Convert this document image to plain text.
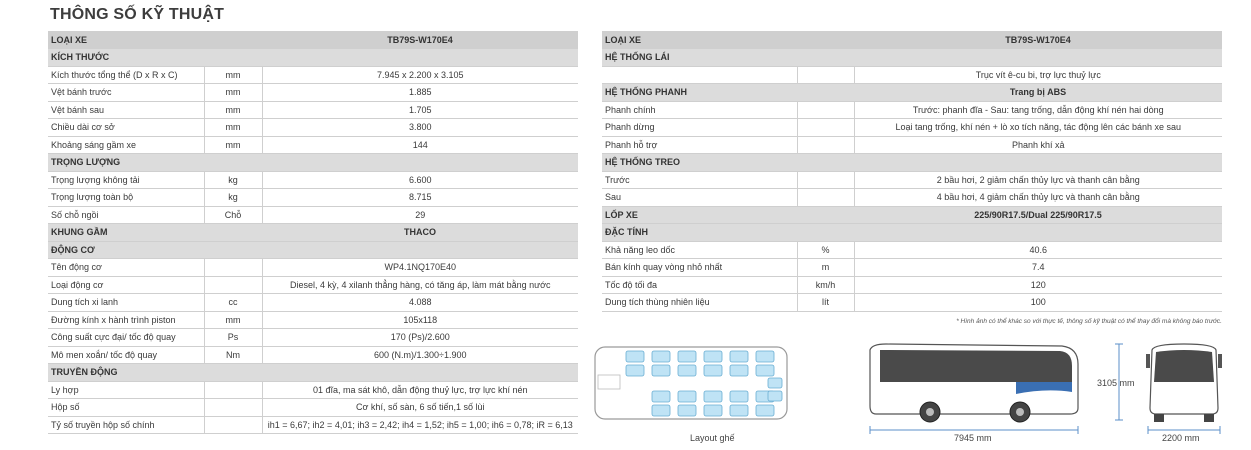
THÔNG SỐ KỸ THUẬT
LOẠI XE		TB79S-W170E4
KÍCH THƯỚC		
Kích thước tổng thể (D x R x C)	mm	7.945 x 2.200 x 3.105
Vệt bánh trước	mm	1.885
Vệt bánh sau	mm	1.705
Chiều dài cơ sở	mm	3.800
Khoảng sáng gầm xe	mm	144
TRỌNG LƯỢNG		
Trọng lượng không tải	kg	6.600
Trọng lượng toàn bộ	kg	8.715
Số chỗ ngồi	Chỗ	29
KHUNG GẦM		THACO
ĐỘNG CƠ		
Tên động cơ		WP4.1NQ170E40
Loại động cơ		Diesel, 4 kỳ, 4 xilanh thẳng hàng, có tăng áp, làm mát bằng nước
Dung tích xi lanh	cc	4.088
Đường kính x hành trình piston	mm	105x118
Công suất cực đại/ tốc độ quay	Ps	170 (Ps)/2.600
Mô men xoắn/ tốc độ quay	Nm	600 (N.m)/1.300÷1.900
TRUYỀN ĐỘNG		
Ly hợp		01 đĩa, ma sát khô, dẫn động thuỷ lực, trợ lực khí nén
Hộp số		Cơ khí, số sàn, 6 số tiến,1 số lùi
Tỷ số truyền hộp số chính		ih1 = 6,67; ih2 = 4,01; ih3 = 2,42; ih4 = 1,52; ih5 = 1,00; ih6 = 0,78; iR = 6,13
LOẠI XE		TB79S-W170E4
HỆ THỐNG LÁI		
		Trục vít ê-cu bi, trợ lực thuỷ lực
HỆ THỐNG PHANH		Trang bị ABS
Phanh chính		Trước: phanh đĩa - Sau: tang trống, dẫn động khí nén hai dòng
Phanh dừng		Loại tang trống, khí nén + lò xo tích năng, tác động lên các bánh xe sau
Phanh hỗ trợ		Phanh khí xả
HỆ THỐNG TREO		
Trước		2 bầu hơi, 2 giảm chấn thủy lực và thanh cân bằng
Sau		4 bầu hơi, 4 giảm chấn thủy lực và thanh cân bằng
LỐP XE		225/90R17.5/Dual 225/90R17.5
ĐẶC TÍNH		
Khả năng leo dốc	%	40.6
Bán kính quay vòng nhỏ nhất	m	7.4
Tốc độ tối đa	km/h	120
Dung tích thùng nhiên liệu	lít	100
* Hình ảnh có thể khác so với thực tế, thông số kỹ thuật có thể thay đổi mà không báo trước.
Layout ghế	7945 mm
3105 mm
2200 mm
